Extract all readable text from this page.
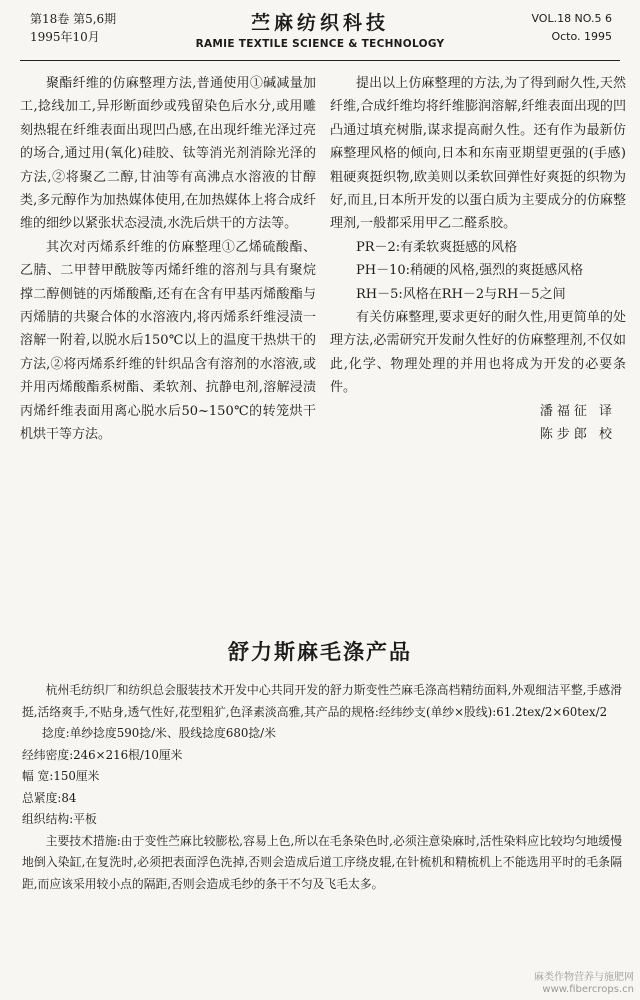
第18卷 第5,6期
1995年10月
苎麻纺织科技
RAMIE TEXTILE SCIENCE & TECHNOLOGY
VOL.18 NO.5 6
Octo. 1995

聚酯纤维的仿麻整理方法,普通使用①碱减量加工,捻线加工,异形断面纱或残留染色后水分,或用雕刻热辊在纤维表面出现凹凸感,在出现纤维光泽过亮的场合,通过用(氧化)硅胶、钛等消光剂消除光泽的方法,②将聚乙二醇,甘油等有高沸点水溶液的甘醇类,多元醇作为加热媒体使用,在加热媒体上将合成纤维的细纱以紧张状态浸渍,水洗后烘干的方法等。

其次对丙烯系纤维的仿麻整理①乙烯硫酸酯、乙腈、二甲替甲酰胺等丙烯纤维的溶剂与具有聚烷撑二醇侧链的丙烯酸酯,还有在含有甲基丙烯酸酯与丙烯腈的共聚合体的水溶液内,将丙烯系纤维浸渍一溶解一附着,以脱水后150℃以上的温度干热烘干的方法,②将丙烯系纤维的针织品含有溶剂的水溶液,或并用丙烯酸酯系树酯、柔软剂、抗静电剂,溶解浸渍丙烯纤维表面用离心脱水后50~150℃的转笼烘干机烘干等方法。

提出以上仿麻整理的方法,为了得到耐久性,天然纤维,合成纤维均将纤维膨润溶解,纤维表面出现的凹凸通过填充树脂,谋求提高耐久性。还有作为最新仿麻整理风格的倾向,日本和东南亚期望更强的(手感)粗硬爽挺织物,欧美则以柔软回弹性好爽挺的织物为好,而且,日本所开发的以蛋白质为主要成分的仿麻整理剂,一般都采用甲乙二醛系胶。

PR－2:有柔软爽挺感的风格

PH－10:稍硬的风格,强烈的爽挺感风格

RH－5:风格在RH－2与RH－5之间

有关仿麻整理,要求更好的耐久性,用更简单的处理方法,必需研究开发耐久性好的仿麻整理剂,不仅如此,化学、物理处理的并用也将成为开发的必要条件。

潘福征 译

陈步郎 校

舒力斯麻毛涤产品

杭州毛纺织厂和纺织总会服装技术开发中心共同开发的舒力斯变性苎麻毛涤高档精纺面料,外观细洁平整,手感滑挺,活络爽手,不贴身,透气性好,花型粗犷,色泽素淡高雅,其产品的规格:经纬纱支(单纱×股线):61.2tex/2×60tex/2

捻度:单纱捻度590捻/米、股线捻度680捻/米

经纬密度:246×216根/10厘米

幅 宽:150厘米

总紧度:84

组织结构:平板

主要技术措施:由于变性苎麻比较膨松,容易上色,所以在毛条染色时,必须注意染麻时,活性染料应比较均匀地缓慢地倒入染缸,在复洗时,必须把表面浮色洗掉,否则会造成后道工序绕皮辊,在针梳机和精梳机上不能选用平时的毛条隔距,而应该采用较小点的隔距,否则会造成毛纱的条干不匀及飞毛太多。

麻类作物营养与施肥网
www.fibercrops.cn
